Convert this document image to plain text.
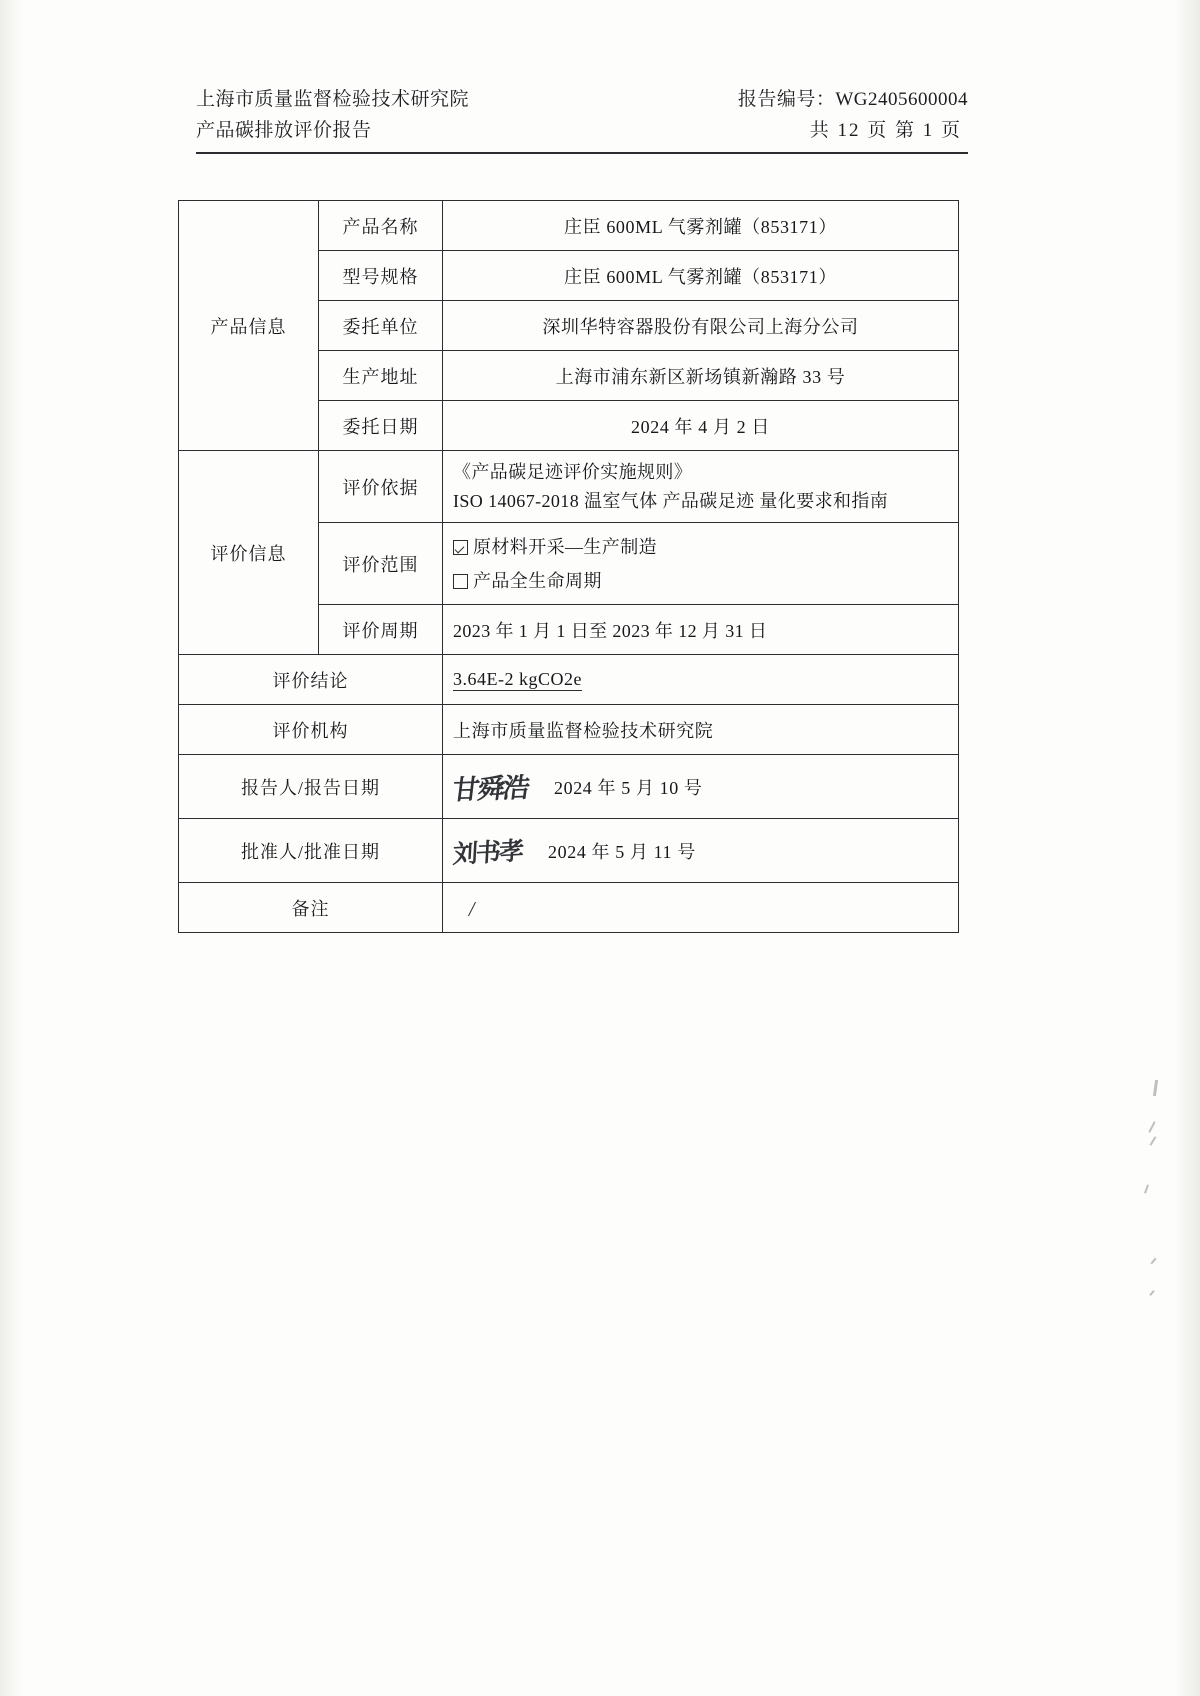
上海市质量监督检验技术研究院
产品碳排放评价报告
报告编号：WG2405600004
共 12 页 第 1 页
产品信息	产品名称	庄臣 600ML 气雾剂罐（853171）
	型号规格	庄臣 600ML 气雾剂罐（853171）
	委托单位	深圳华特容器股份有限公司上海分公司
	生产地址	上海市浦东新区新场镇新瀚路 33 号
	委托日期	2024 年 4 月 2 日
评价信息	评价依据	《产品碳足迹评价实施规则》
ISO 14067-2018 温室气体 产品碳足迹 量化要求和指南

	评价范围	原材料开采—生产制造
产品全生命周期

	评价周期	2023 年 1 月 1 日至 2023 年 12 月 31 日
评价结论		3.64E-2 kgCO2e
评价机构		上海市质量监督检验技术研究院
报告人/报告日期		甘舜浩 2024 年 5 月 10 号

批准人/批准日期		刘书孝 2024 年 5 月 11 号

备注		/
